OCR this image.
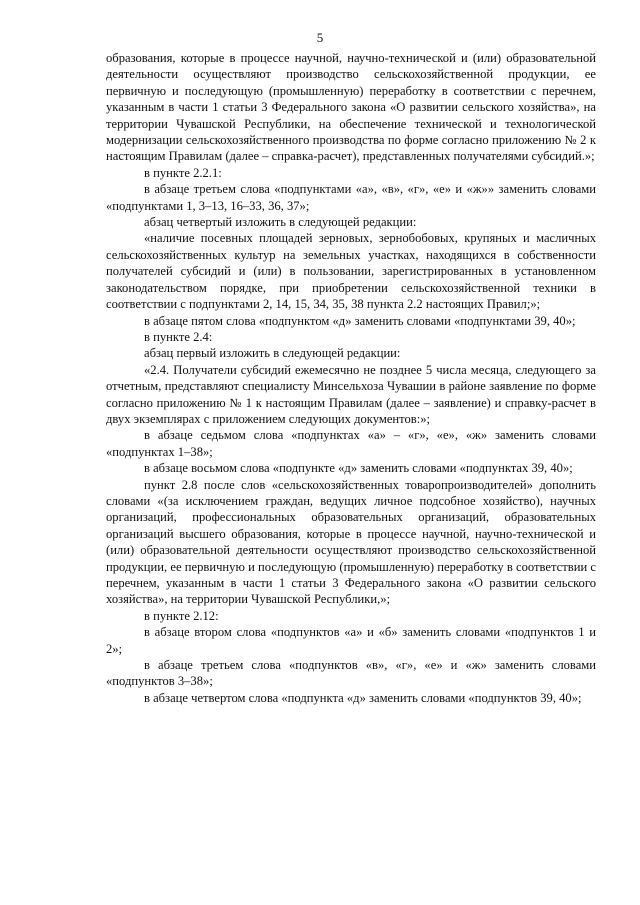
5

образования, которые в процессе научной, научно-технической и (или) образовательной деятельности осуществляют производство сельскохозяйственной продукции, ее первичную и последующую (промышленную) переработку в соответствии с перечнем, указанным в части 1 статьи 3 Федерального закона «О развитии сельского хозяйства», на территории Чувашской Республики, на обеспечение технической и технологической модернизации сельскохозяйственного производства по форме согласно приложению № 2 к настоящим Правилам (далее – справка-расчет), представленных получателями субсидий.»;

в пункте 2.2.1:

в абзаце третьем слова «подпунктами «а», «в», «г», «е» и «ж»» заменить словами «подпунктами 1, 3–13, 16–33, 36, 37»;

абзац четвертый изложить в следующей редакции:

«наличие посевных площадей зерновых, зернобобовых, крупяных и масличных сельскохозяйственных культур на земельных участках, находящихся в собственности получателей субсидий и (или) в пользовании, зарегистрированных в установленном законодательством порядке, при приобретении сельскохозяйственной техники в соответствии с подпунктами 2, 14, 15, 34, 35, 38 пункта 2.2 настоящих Правил;»;

в абзаце пятом слова «подпунктом «д» заменить словами «подпунктами 39, 40»;

в пункте 2.4:

абзац первый изложить в следующей редакции:

«2.4. Получатели субсидий ежемесячно не позднее 5 числа месяца, следующего за отчетным, представляют специалисту Минсельхоза Чувашии в районе заявление по форме согласно приложению № 1 к настоящим Правилам (далее – заявление) и справку-расчет в двух экземплярах с приложением следующих документов:»;

в абзаце седьмом слова «подпунктах «а» – «г», «е», «ж» заменить словами «подпунктах 1–38»;

в абзаце восьмом слова «подпункте «д» заменить словами «подпунктах 39, 40»;

пункт 2.8 после слов «сельскохозяйственных товаропроизводителей» дополнить словами «(за исключением граждан, ведущих личное подсобное хозяйство), научных организаций, профессиональных образовательных организаций, образовательных организаций высшего образования, которые в процессе научной, научно-технической и (или) образовательной деятельности осуществляют производство сельскохозяйственной продукции, ее первичную и последующую (промышленную) переработку в соответствии с перечнем, указанным в части 1 статьи 3 Федерального закона «О развитии сельского хозяйства», на территории Чувашской Республики,»;

в пункте 2.12:

в абзаце втором слова «подпунктов «а» и «б» заменить словами «подпунктов 1 и 2»;

в абзаце третьем слова «подпунктов «в», «г», «е» и «ж» заменить словами «подпунктов 3–38»;

в абзаце четвертом слова «подпункта «д» заменить словами «подпунктов 39, 40»;
